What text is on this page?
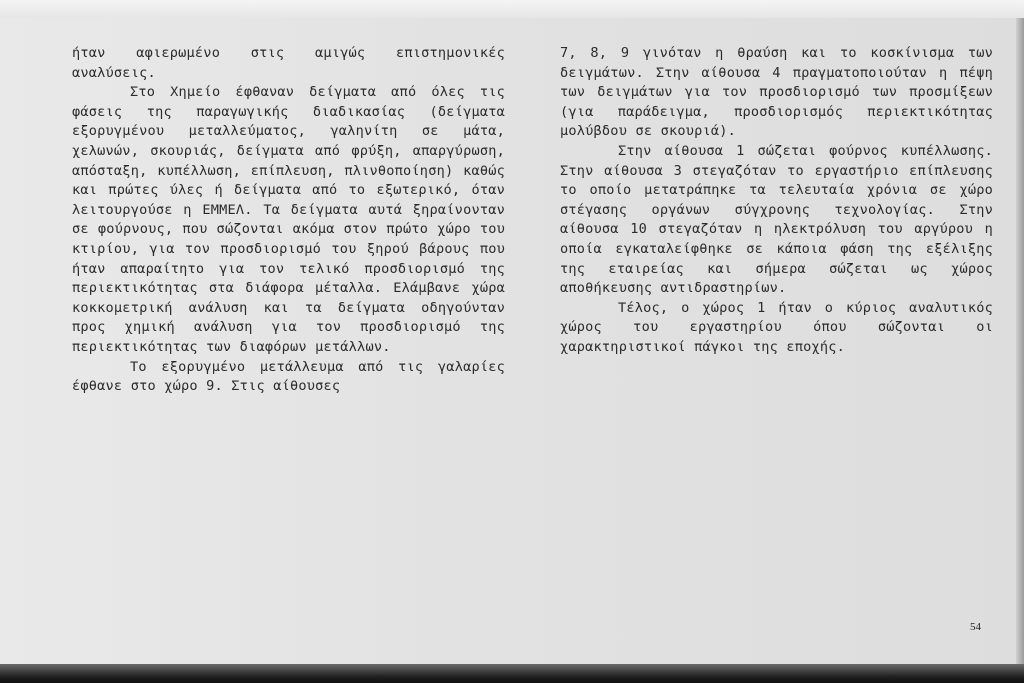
ήταν αφιερωμένο στις αμιγώς επιστημονικές αναλύσεις.

Στο Χημείο έφθαναν δείγματα από όλες τις φάσεις της παραγωγικής διαδικασίας (δείγματα εξορυγμένου μεταλλεύματος, γαληνίτη σε μάτα, χελωνών, σκουριάς, δείγματα από φρύξη, απαργύρωση, απόσταξη, κυπέλλωση, επίπλευση, πλινθοποίηση) καθώς και πρώτες ύλες ή δείγματα από το εξωτερικό, όταν λειτουργούσε η ΕΜΜΕΛ. Τα δείγματα αυτά ξηραίνονταν σε φούρνους, που σώζονται ακόμα στον πρώτο χώρο του κτιρίου, για τον προσδιορισμό του ξηρού βάρους που ήταν απαραίτητο για τον τελικό προσδιορισμό της περιεκτικότητας στα διάφορα μέταλλα. Ελάμβανε χώρα κοκκομετρική ανάλυση και τα δείγματα οδηγούνταν προς χημική ανάλυση για τον προσδιορισμό της περιεκτικότητας των διαφόρων μετάλλων.

Το εξορυγμένο μετάλλευμα από τις γαλαρίες έφθανε στο χώρο 9. Στις αίθουσες

7, 8, 9 γινόταν η θραύση και το κοσκίνισμα των δειγμάτων. Στην αίθουσα 4 πραγματοποιούταν η πέψη των δειγμάτων για τον προσδιορισμό των προσμίξεων (για παράδειγμα, προσδιορισμός περιεκτικότητας μολύβδου σε σκουριά).

Στην αίθουσα 1 σώζεται φούρνος κυπέλλωσης. Στην αίθουσα 3 στεγαζόταν το εργαστήριο επίπλευσης το οποίο μετατράπηκε τα τελευταία χρόνια σε χώρο στέγασης οργάνων σύγχρονης τεχνολογίας. Στην αίθουσα 10 στεγαζόταν η ηλεκτρόλυση του αργύρου η οποία εγκαταλείφθηκε σε κάποια φάση της εξέλιξης της εταιρείας και σήμερα σώζεται ως χώρος αποθήκευσης αντιδραστηρίων.

Τέλος, ο χώρος 1 ήταν ο κύριος αναλυτικός χώρος του εργαστηρίου όπου σώζονται οι χαρακτηριστικοί πάγκοι της εποχής.

54
